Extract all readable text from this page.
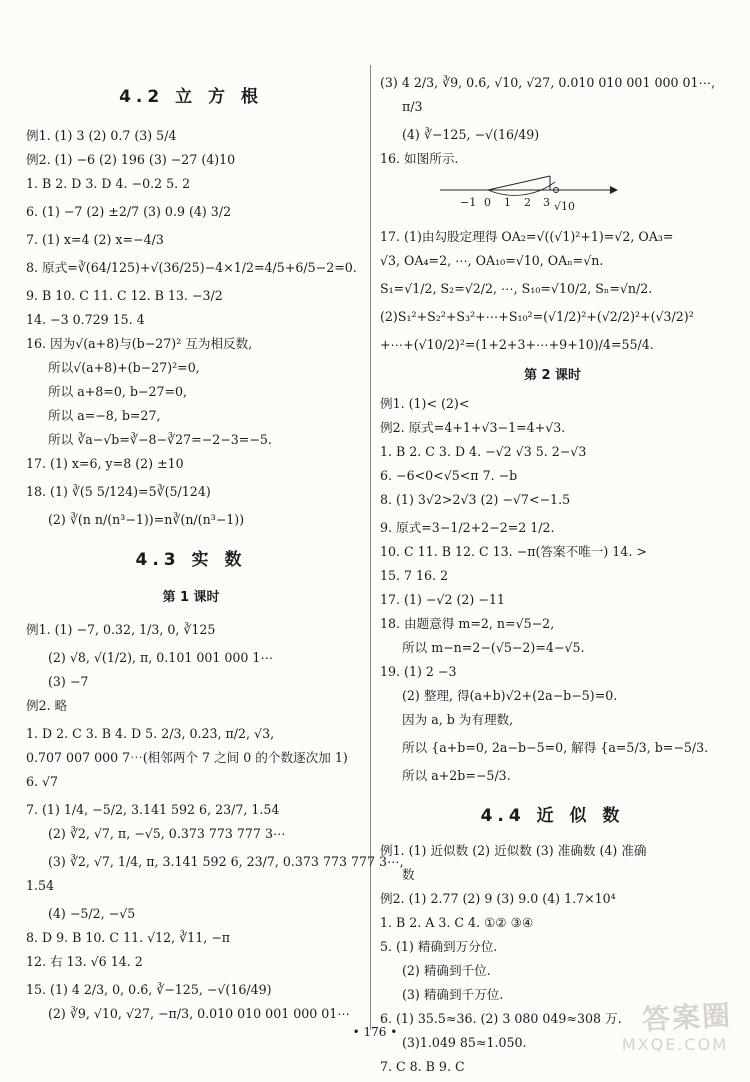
4.2 立 方 根
例1. (1) 3 (2) 0.7 (3) 5/4
例2. (1) −6 (2) 196 (3) −27 (4)10
1. B 2. D 3. D 4. −0.2 5. 2
6. (1) −7 (2) ±2/7 (3) 0.9 (4) 3/2
7. (1) x=4 (2) x=−4/3
8. 原式=∛(64/125)+√(36/25)−4×1/2=4/5+6/5−2=0.
9. B 10. C 11. C 12. B 13. −3/2
14. −3 0.729 15. 4
16. 因为√(a+8)与(b−27)² 互为相反数,
所以√(a+8)+(b−27)²=0,
所以 a+8=0, b−27=0,
所以 a=−8, b=27,
所以 ∛a−√b=∛−8−∛27=−2−3=−5.
17. (1) x=6, y=8 (2) ±10
18. (1) ∛(5 5/124)=5∛(5/124)
(2) ∛(n n/(n³−1))=n∛(n/(n³−1))
4.3 实 数
第 1 课时
例1. (1) −7, 0.32, 1/3, 0, ∛125
(2) √8, √(1/2), π, 0.101 001 000 1⋯
(3) −7
例2. 略
1. D 2. C 3. B 4. D 5. 2/3, 0.2̇3̇, π/2, √3,
0.707 007 000 7⋯(相邻两个 7 之间 0 的个数逐次加 1)
6. √7
7. (1) 1/4, −5/2, 3.141 592 6, 23/7, 1.5̇4̇
(2) ∛2, √7, π, −√5, 0.373 773 777 3⋯
(3) ∛2, √7, 1/4, π, 3.141 592 6, 23/7, 0.373 773 777 3⋯,
1.5̇4̇
(4) −5/2, −√5
8. D 9. B 10. C 11. √12, ∛11, −π
12. 右 13. √6 14. 2
15. (1) 4 2/3, 0, 0.6̇, ∛−125, −√(16/49)
(2) ∛9, √10, √27, −π/3, 0.010 010 001 000 01⋯
(3) 4 2/3, ∛9, 0.6̇, √10, √27, 0.010 010 001 000 01⋯,
π/3
(4) ∛−125, −√(16/49)
16. 如图所示.
−1 0 1 2 3 √10
17. (1)由勾股定理得 OA₂=√((√1)²+1)=√2, OA₃=
√3, OA₄=2, ⋯, OA₁₀=√10, OAₙ=√n.
S₁=√1/2, S₂=√2/2, ⋯, S₁₀=√10/2, Sₙ=√n/2.
(2)S₁²+S₂²+S₃²+⋯+S₁₀²=(√1/2)²+(√2/2)²+(√3/2)²
+⋯+(√10/2)²=(1+2+3+⋯+9+10)/4=55/4.
第 2 课时
例1. (1)< (2)<
例2. 原式=4+1+√3−1=4+√3.
1. B 2. C 3. D 4. −√2 √3 5. 2−√3
6. −6<0<√5<π 7. −b
8. (1) 3√2>2√3 (2) −√7<−1.5
9. 原式=3−1/2+2−2=2 1/2.
10. C 11. B 12. C 13. −π(答案不唯一) 14. >
15. 7 16. 2
17. (1) −√2 (2) −11
18. 由题意得 m=2, n=√5−2,
所以 m−n=2−(√5−2)=4−√5.
19. (1) 2 −3
(2) 整理, 得(a+b)√2+(2a−b−5)=0.
因为 a, b 为有理数,
所以 {a+b=0, 2a−b−5=0, 解得 {a=5/3, b=−5/3.
所以 a+2b=−5/3.
4.4 近 似 数
例1. (1) 近似数 (2) 近似数 (3) 准确数 (4) 准确
数
例2. (1) 2.77 (2) 9 (3) 9.0 (4) 1.7×10⁴
1. B 2. A 3. C 4. ①② ③④
5. (1) 精确到万分位.
(2) 精确到千位.
(3) 精确到千万位.
6. (1) 35.5≈36. (2) 3 080 049≈308 万.
(3)1.049 85≈1.050.
7. C 8. B 9. C
• 176 •	答案圈
MXQE.COM
